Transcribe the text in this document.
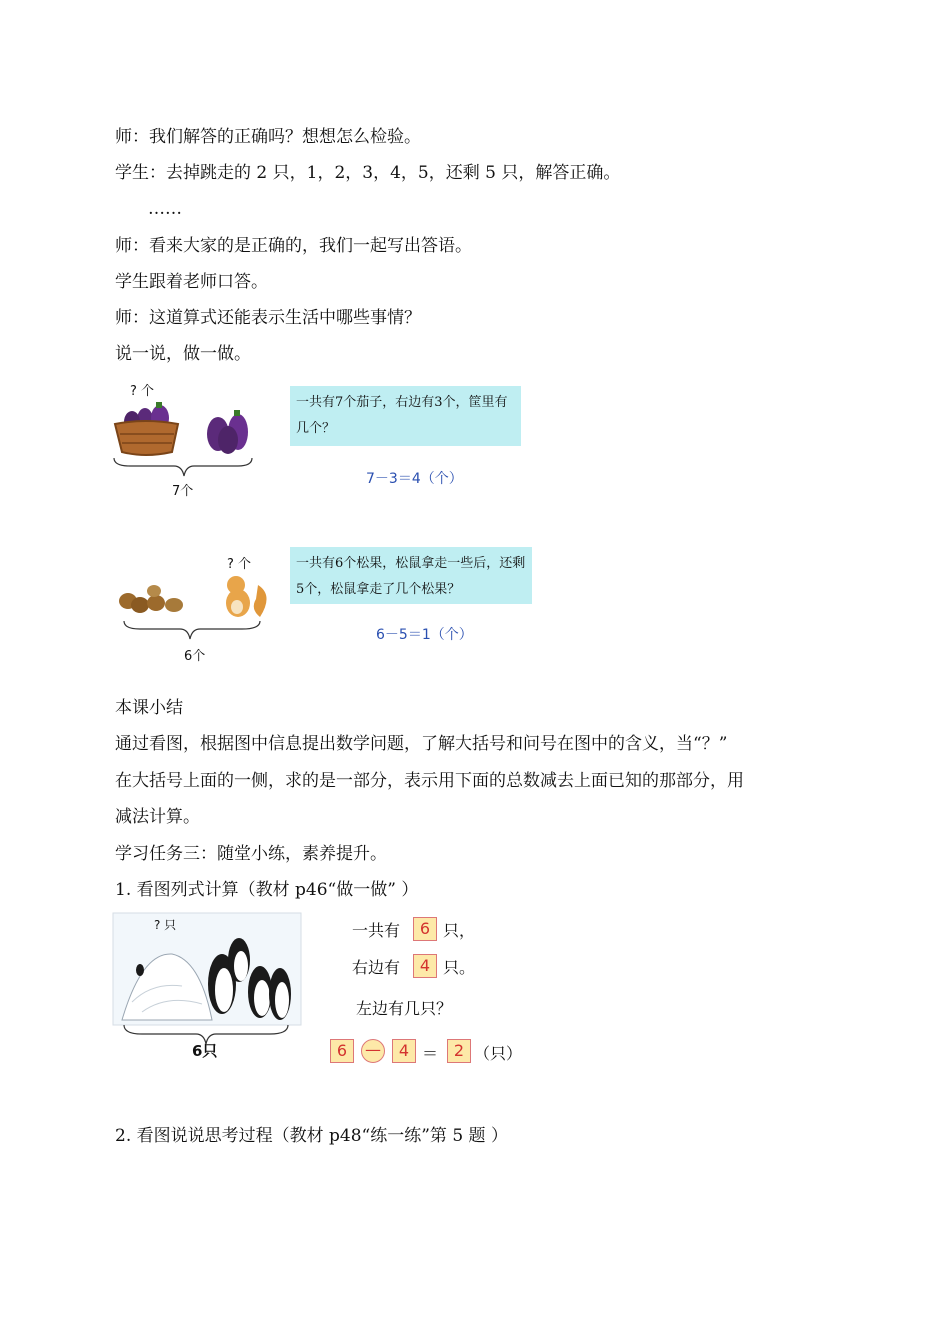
师：我们解答的正确吗？想想怎么检验。
学生：去掉跳走的 2 只，1，2，3，4，5，还剩 5 只，解答正确。
……
师：看来大家的是正确的，我们一起写出答语。
学生跟着老师口答。
师：这道算式还能表示生活中哪些事情？
说一说，做一做。
? 个
7个
一共有7个茄子，右边有3个，筐里有几个？
7－3＝4（个）
? 个
6个
一共有6个松果，松鼠拿走一些后，还剩5个，松鼠拿走了几个松果？
6－5＝1（个）
本课小结
通过看图，根据图中信息提出数学问题，了解大括号和问号在图中的含义，当“？”
在大括号上面的一侧，求的是一部分，表示用下面的总数减去上面已知的那部分，用
减法计算。
学习任务三：随堂小练，素养提升。
1. 看图列式计算（教材 p46“做一做” ）
? 只
6只
一共有	6 只，
右边有	4 只。
左边有几只？
6	—	4 ＝ 2 （只）
2. 看图说说思考过程（教材 p48“练一练”第 5 题 ）
